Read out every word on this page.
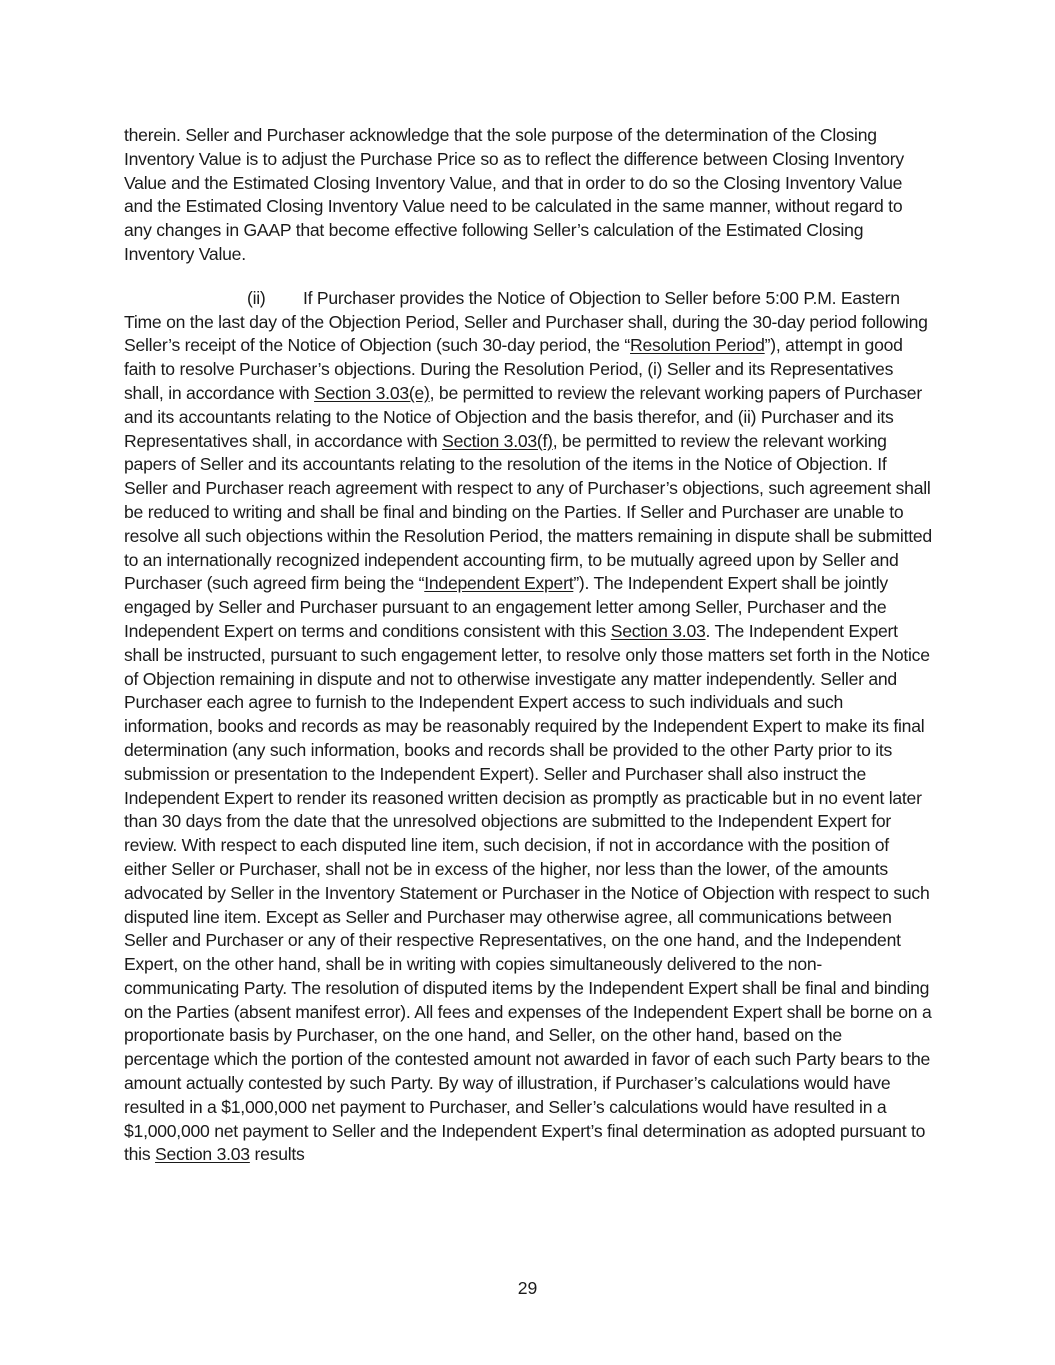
therein. Seller and Purchaser acknowledge that the sole purpose of the determination of the Closing Inventory Value is to adjust the Purchase Price so as to reflect the difference between Closing Inventory Value and the Estimated Closing Inventory Value, and that in order to do so the Closing Inventory Value and the Estimated Closing Inventory Value need to be calculated in the same manner, without regard to any changes in GAAP that become effective following Seller’s calculation of the Estimated Closing Inventory Value.

(ii) If Purchaser provides the Notice of Objection to Seller before 5:00 P.M. Eastern Time on the last day of the Objection Period, Seller and Purchaser shall, during the 30-day period following Seller’s receipt of the Notice of Objection (such 30-day period, the “Resolution Period”), attempt in good faith to resolve Purchaser’s objections. During the Resolution Period, (i) Seller and its Representatives shall, in accordance with Section 3.03(e), be permitted to review the relevant working papers of Purchaser and its accountants relating to the Notice of Objection and the basis therefor, and (ii) Purchaser and its Representatives shall, in accordance with Section 3.03(f), be permitted to review the relevant working papers of Seller and its accountants relating to the resolution of the items in the Notice of Objection. If Seller and Purchaser reach agreement with respect to any of Purchaser’s objections, such agreement shall be reduced to writing and shall be final and binding on the Parties. If Seller and Purchaser are unable to resolve all such objections within the Resolution Period, the matters remaining in dispute shall be submitted to an internationally recognized independent accounting firm, to be mutually agreed upon by Seller and Purchaser (such agreed firm being the “Independent Expert”). The Independent Expert shall be jointly engaged by Seller and Purchaser pursuant to an engagement letter among Seller, Purchaser and the Independent Expert on terms and conditions consistent with this Section 3.03. The Independent Expert shall be instructed, pursuant to such engagement letter, to resolve only those matters set forth in the Notice of Objection remaining in dispute and not to otherwise investigate any matter independently. Seller and Purchaser each agree to furnish to the Independent Expert access to such individuals and such information, books and records as may be reasonably required by the Independent Expert to make its final determination (any such information, books and records shall be provided to the other Party prior to its submission or presentation to the Independent Expert). Seller and Purchaser shall also instruct the Independent Expert to render its reasoned written decision as promptly as practicable but in no event later than 30 days from the date that the unresolved objections are submitted to the Independent Expert for review. With respect to each disputed line item, such decision, if not in accordance with the position of either Seller or Purchaser, shall not be in excess of the higher, nor less than the lower, of the amounts advocated by Seller in the Inventory Statement or Purchaser in the Notice of Objection with respect to such disputed line item. Except as Seller and Purchaser may otherwise agree, all communications between Seller and Purchaser or any of their respective Representatives, on the one hand, and the Independent Expert, on the other hand, shall be in writing with copies simultaneously delivered to the non-communicating Party. The resolution of disputed items by the Independent Expert shall be final and binding on the Parties (absent manifest error). All fees and expenses of the Independent Expert shall be borne on a proportionate basis by Purchaser, on the one hand, and Seller, on the other hand, based on the percentage which the portion of the contested amount not awarded in favor of each such Party bears to the amount actually contested by such Party. By way of illustration, if Purchaser’s calculations would have resulted in a $1,000,000 net payment to Purchaser, and Seller’s calculations would have resulted in a $1,000,000 net payment to Seller and the Independent Expert’s final determination as adopted pursuant to this Section 3.03 results

29
